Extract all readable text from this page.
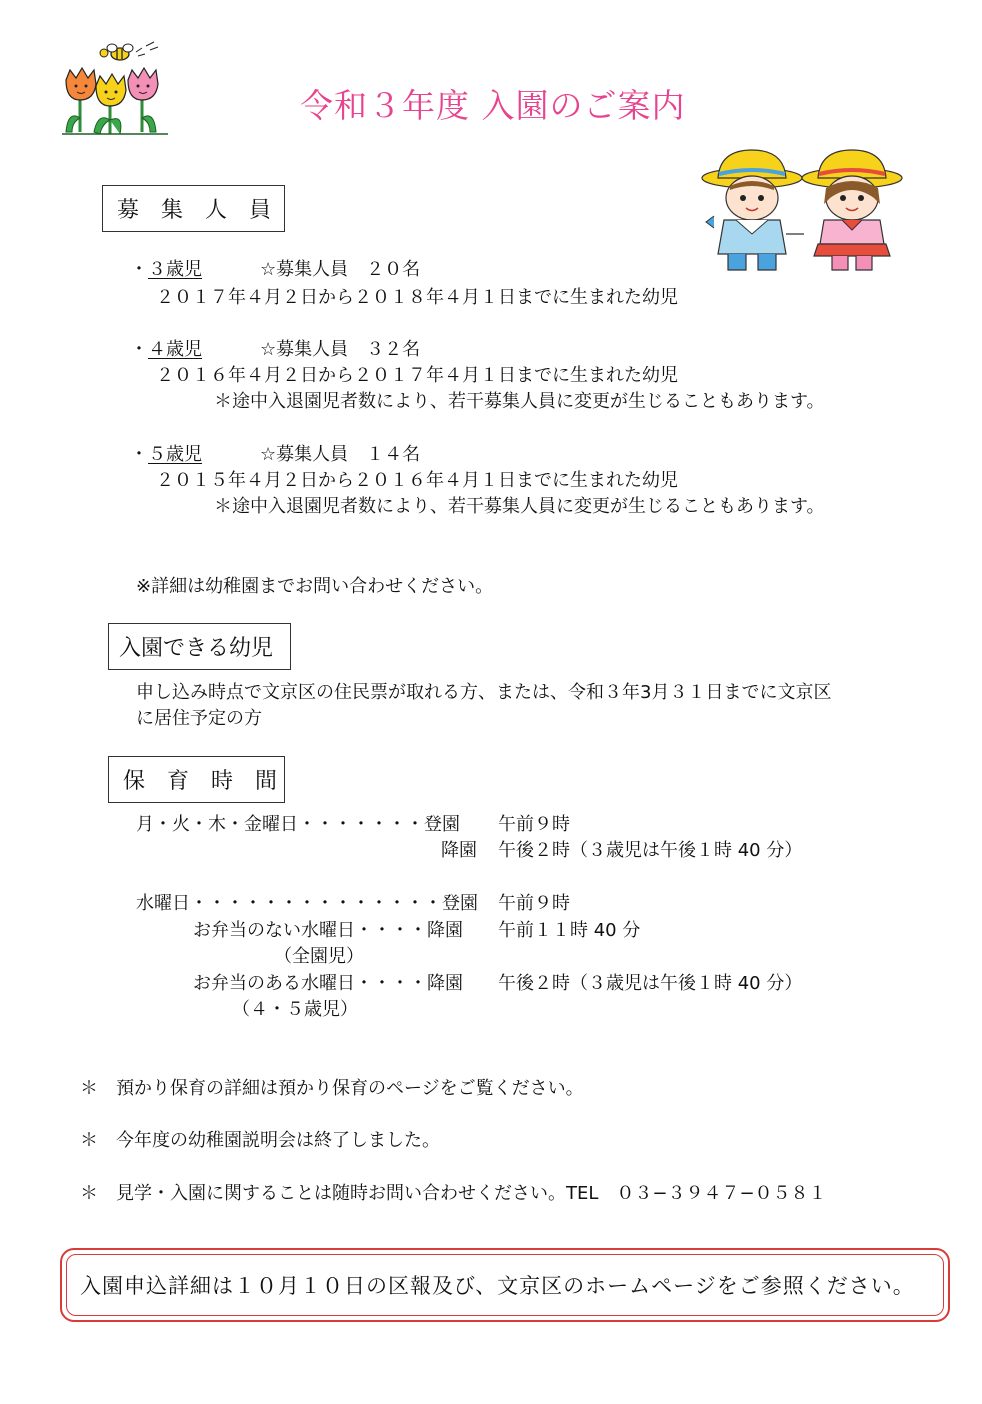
令和３年度 入園のご案内
募　集　人　員
・３歳児	☆募集人員　２０名
２０１７年４月２日から２０１８年４月１日までに生まれた幼児
・４歳児	☆募集人員　３２名
２０１６年４月２日から２０１７年４月１日までに生まれた幼児
＊途中入退園児者数により、若干募集人員に変更が生じることもあります。
・５歳児	☆募集人員　１４名
２０１５年４月２日から２０１６年４月１日までに生まれた幼児
＊途中入退園児者数により、若干募集人員に変更が生じることもあります。
※詳細は幼稚園までお問い合わせください。
入園できる幼児
申し込み時点で文京区の住民票が取れる方、または、令和３年3月３１日までに文京区
に居住予定の方
保　育　時　間
月・火・木・金曜日・・・・・・・登園 午前９時
降園 午後２時（３歳児は午後１時 40 分）
水曜日・・・・・・・・・・・・・・登園 午前９時
お弁当のない水曜日・・・・降園 午前１１時 40 分
（全園児）
お弁当のある水曜日・・・・降園 午後２時（３歳児は午後１時 40 分）
（４・５歳児）
＊ 預かり保育の詳細は預かり保育のページをご覧ください。
＊ 今年度の幼稚園説明会は終了しました。
＊ 見学・入園に関することは随時お問い合わせください。TEL　０３−３９４７−０５８１
入園申込詳細は１０月１０日の区報及び、文京区のホームページをご参照ください。
